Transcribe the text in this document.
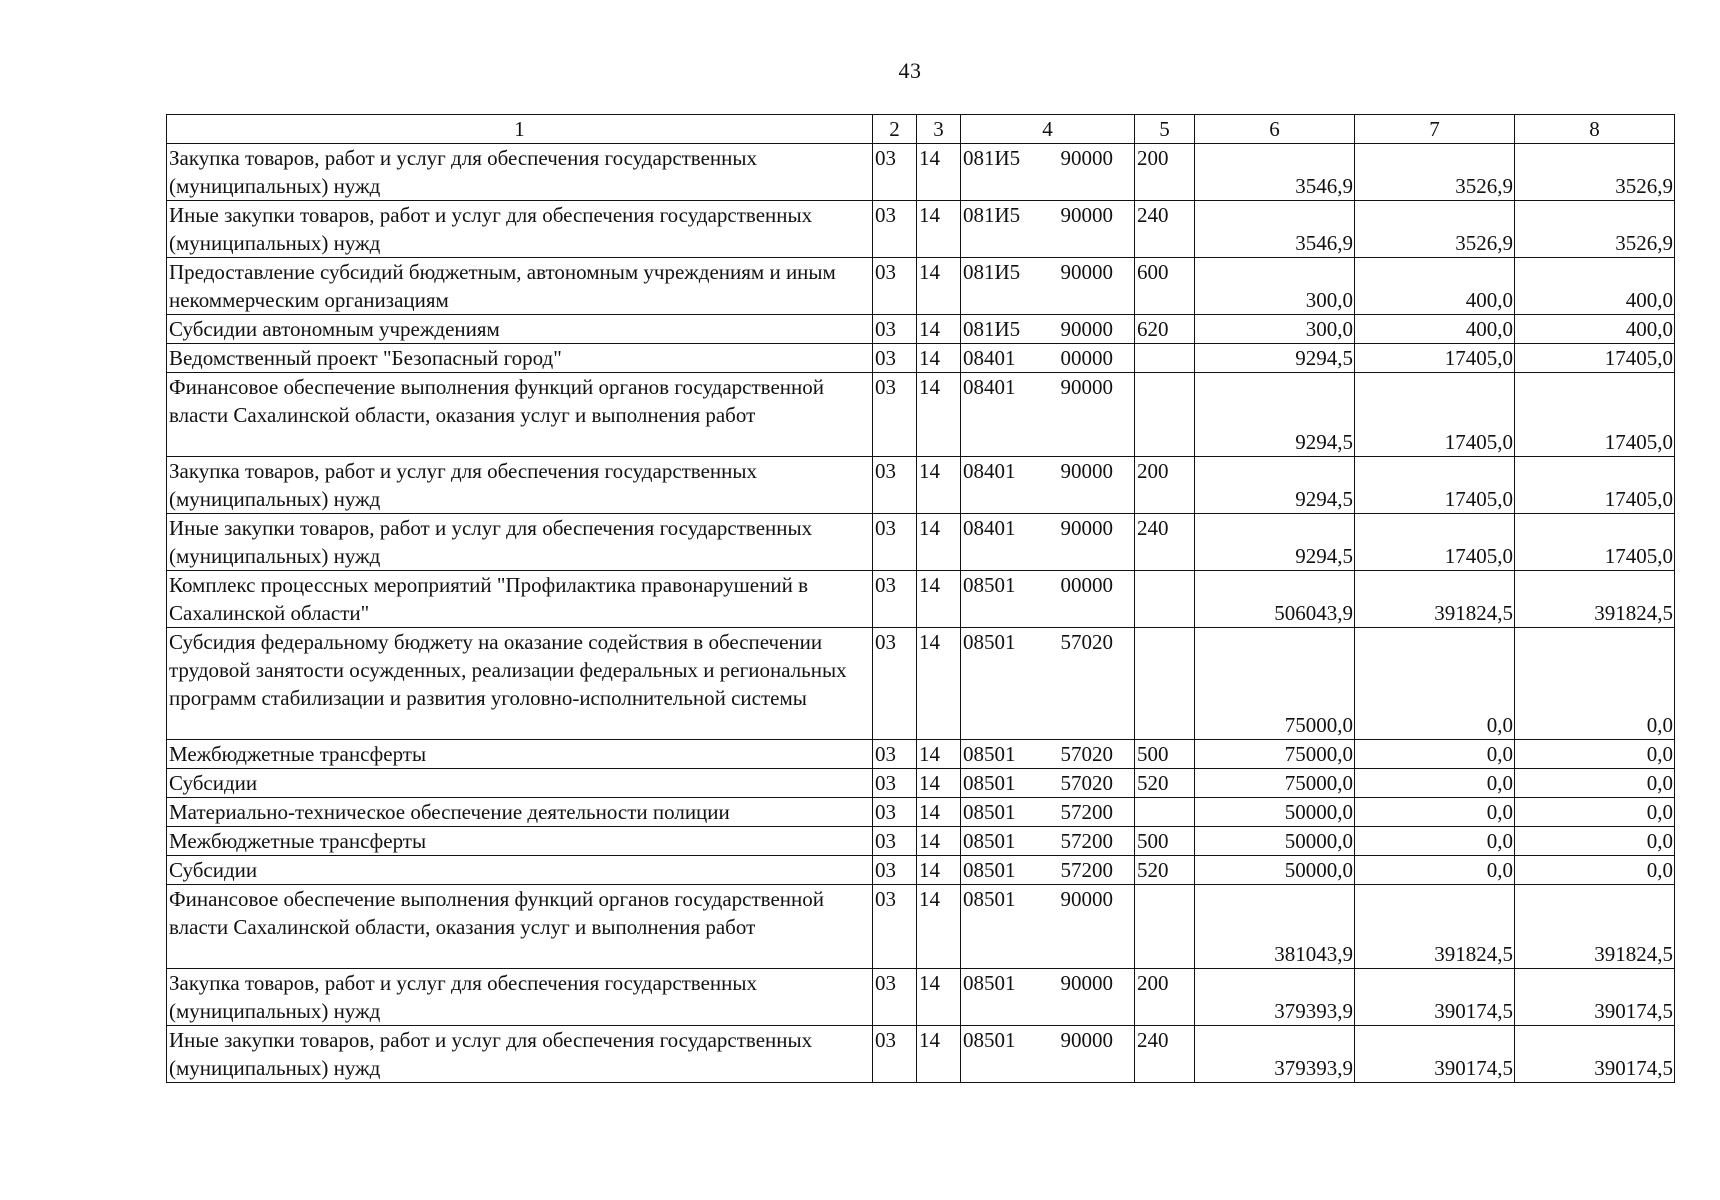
43
1	2	3	4	5	6	7	8
Закупка товаров, работ и услуг для обеспечения государственных (муниципальных) нужд	03	14	081И5 90000	200	3546,9	3526,9	3526,9
Иные закупки товаров, работ и услуг для обеспечения государственных (муниципальных) нужд	03	14	081И5 90000	240	3546,9	3526,9	3526,9
Предоставление субсидий бюджетным, автономным учреждениям и иным некоммерческим организациям	03	14	081И5 90000	600	300,0	400,0	400,0
Субсидии автономным учреждениям	03	14	081И5 90000	620	300,0	400,0	400,0
Ведомственный проект "Безопасный город"	03	14	08401 00000		9294,5	17405,0	17405,0
Финансовое обеспечение выполнения функций органов государственной власти Сахалинской области, оказания услуг и выполнения работ	03	14	08401 90000		9294,5	17405,0	17405,0
Закупка товаров, работ и услуг для обеспечения государственных (муниципальных) нужд	03	14	08401 90000	200	9294,5	17405,0	17405,0
Иные закупки товаров, работ и услуг для обеспечения государственных (муниципальных) нужд	03	14	08401 90000	240	9294,5	17405,0	17405,0
Комплекс процессных мероприятий "Профилактика правонарушений в Сахалинской области"	03	14	08501 00000		506043,9	391824,5	391824,5
Субсидия федеральному бюджету на оказание содействия в обеспечении трудовой занятости осужденных, реализации федеральных и региональных программ стабилизации и развития уголовно-исполнительной системы	03	14	08501 57020		75000,0	0,0	0,0
Межбюджетные трансферты	03	14	08501 57020	500	75000,0	0,0	0,0
Субсидии	03	14	08501 57020	520	75000,0	0,0	0,0
Материально-техническое обеспечение деятельности полиции	03	14	08501 57200		50000,0	0,0	0,0
Межбюджетные трансферты	03	14	08501 57200	500	50000,0	0,0	0,0
Субсидии	03	14	08501 57200	520	50000,0	0,0	0,0
Финансовое обеспечение выполнения функций органов государственной власти Сахалинской области, оказания услуг и выполнения работ	03	14	08501 90000		381043,9	391824,5	391824,5
Закупка товаров, работ и услуг для обеспечения государственных (муниципальных) нужд	03	14	08501 90000	200	379393,9	390174,5	390174,5
Иные закупки товаров, работ и услуг для обеспечения государственных (муниципальных) нужд	03	14	08501 90000	240	379393,9	390174,5	390174,5
